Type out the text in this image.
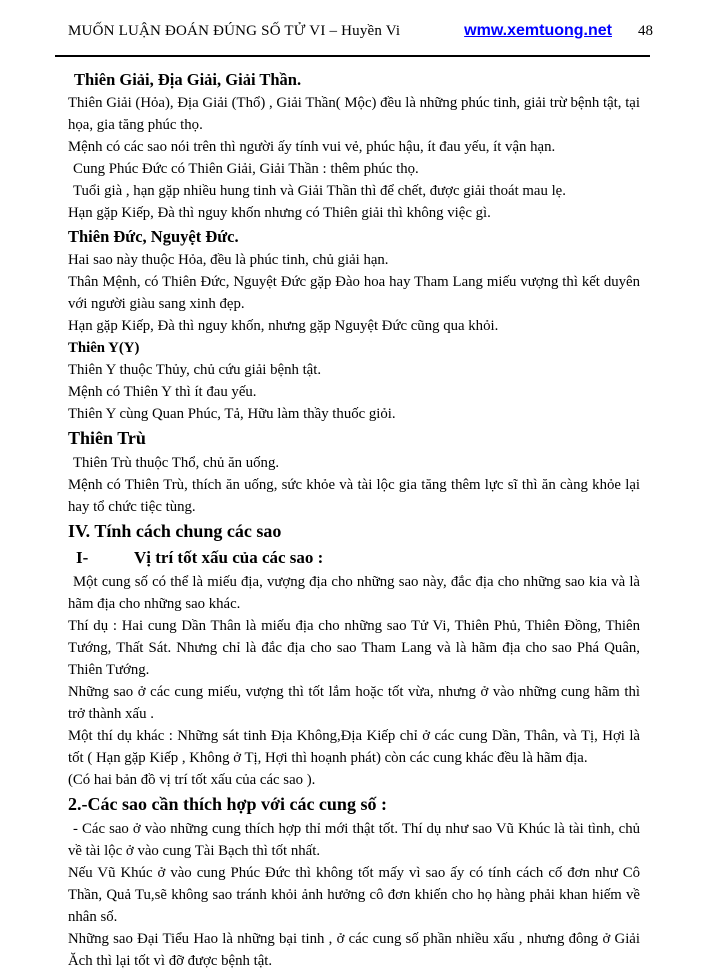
MUỐN LUẬN ĐOÁN ĐÚNG SỐ TỬ VI – Huyền Vi	wmw.xemtuong.net 48
Thiên Giải, Địa Giải, Giải Thần.
Thiên Giải (Hỏa), Địa Giải (Thổ) , Giải Thần( Mộc) đều là những phúc tinh, giải trừ bệnh tật, tại họa, gia tăng phúc thọ.
Mệnh có các sao nói trên thì người ấy tính vui vẻ, phúc hậu, ít đau yếu, ít vận hạn.
Cung Phúc Đức có Thiên Giải, Giải Thần : thêm phúc thọ.
Tuổi già , hạn gặp nhiều hung tinh và Giải Thần thì để chết, được giải thoát mau lẹ.
Hạn gặp Kiếp, Đà thì nguy khốn nhưng có Thiên giải thì không việc gì.
Thiên Đức, Nguyệt Đức.
Hai sao này thuộc Hỏa, đều là phúc tinh, chủ giải hạn.
Thân Mệnh, có Thiên Đức, Nguyệt Đức gặp Đào hoa hay Tham Lang miếu vượng thì kết duyên với người giàu sang xinh đẹp.
Hạn gặp Kiếp, Đà thì nguy khốn, nhưng gặp Nguyệt Đức cũng qua khỏi.
Thiên Y(Y)
Thiên Y thuộc Thủy, chủ cứu giải bệnh tật.
Mệnh có Thiên Y thì ít đau yếu.
Thiên Y cùng Quan Phúc, Tả, Hữu làm thầy thuốc giỏi.
Thiên Trù
Thiên Trù thuộc Thổ, chủ ăn uống.
Mệnh có Thiên Trù, thích ăn uống, sức khỏe và tài lộc gia tăng thêm lực sĩ thì ăn càng khỏe lại hay tổ chức tiệc tùng.
IV. Tính cách chung các sao
I-	Vị trí tốt xấu của các sao :
Một cung số có thể là miếu địa, vượng địa cho những sao này, đắc địa cho những sao kia và là hãm địa cho những sao khác.
Thí dụ : Hai cung Dần Thân là miếu địa cho những sao Tử Vi, Thiên Phủ, Thiên Đồng, Thiên Tướng, Thất Sát. Nhưng chỉ là đắc địa cho sao Tham Lang và là hãm địa cho sao Phá Quân, Thiên Tướng.
Những sao ở các cung miếu, vượng thì tốt lắm hoặc tốt vừa, nhưng ở vào những cung hãm thì trở thành xấu .
Một thí dụ khác : Những sát tinh Địa Không,Địa Kiếp chỉ ở các cung Dần, Thân, và Tị, Hợi là tốt ( Hạn gặp Kiếp , Không ở Tị, Hợi thì hoạnh phát) còn các cung khác đều là hãm địa.
(Có hai bản đồ vị trí tốt xấu của các sao ).
2.-Các sao cần thích hợp với các cung số :
- Các sao ở vào những cung thích hợp thỉ mới thật tốt. Thí dụ như sao Vũ Khúc là tài tình, chủ về tài lộc ở vào cung Tài Bạch thì tốt nhất.
Nếu Vũ Khúc ở vào cung Phúc Đức thì không tốt mấy vì sao ấy có tính cách cố đơn như Cô Thần, Quả Tu,sẽ không sao tránh khỏi ảnh hưởng cô đơn khiến cho họ hàng phải khan hiếm về nhân số.
Những sao Đại Tiểu Hao là những bại tinh , ở các cung số phần nhiều xấu , nhưng đông ở Giải Ăch thì lại tốt vì đỡ được bệnh tật.
